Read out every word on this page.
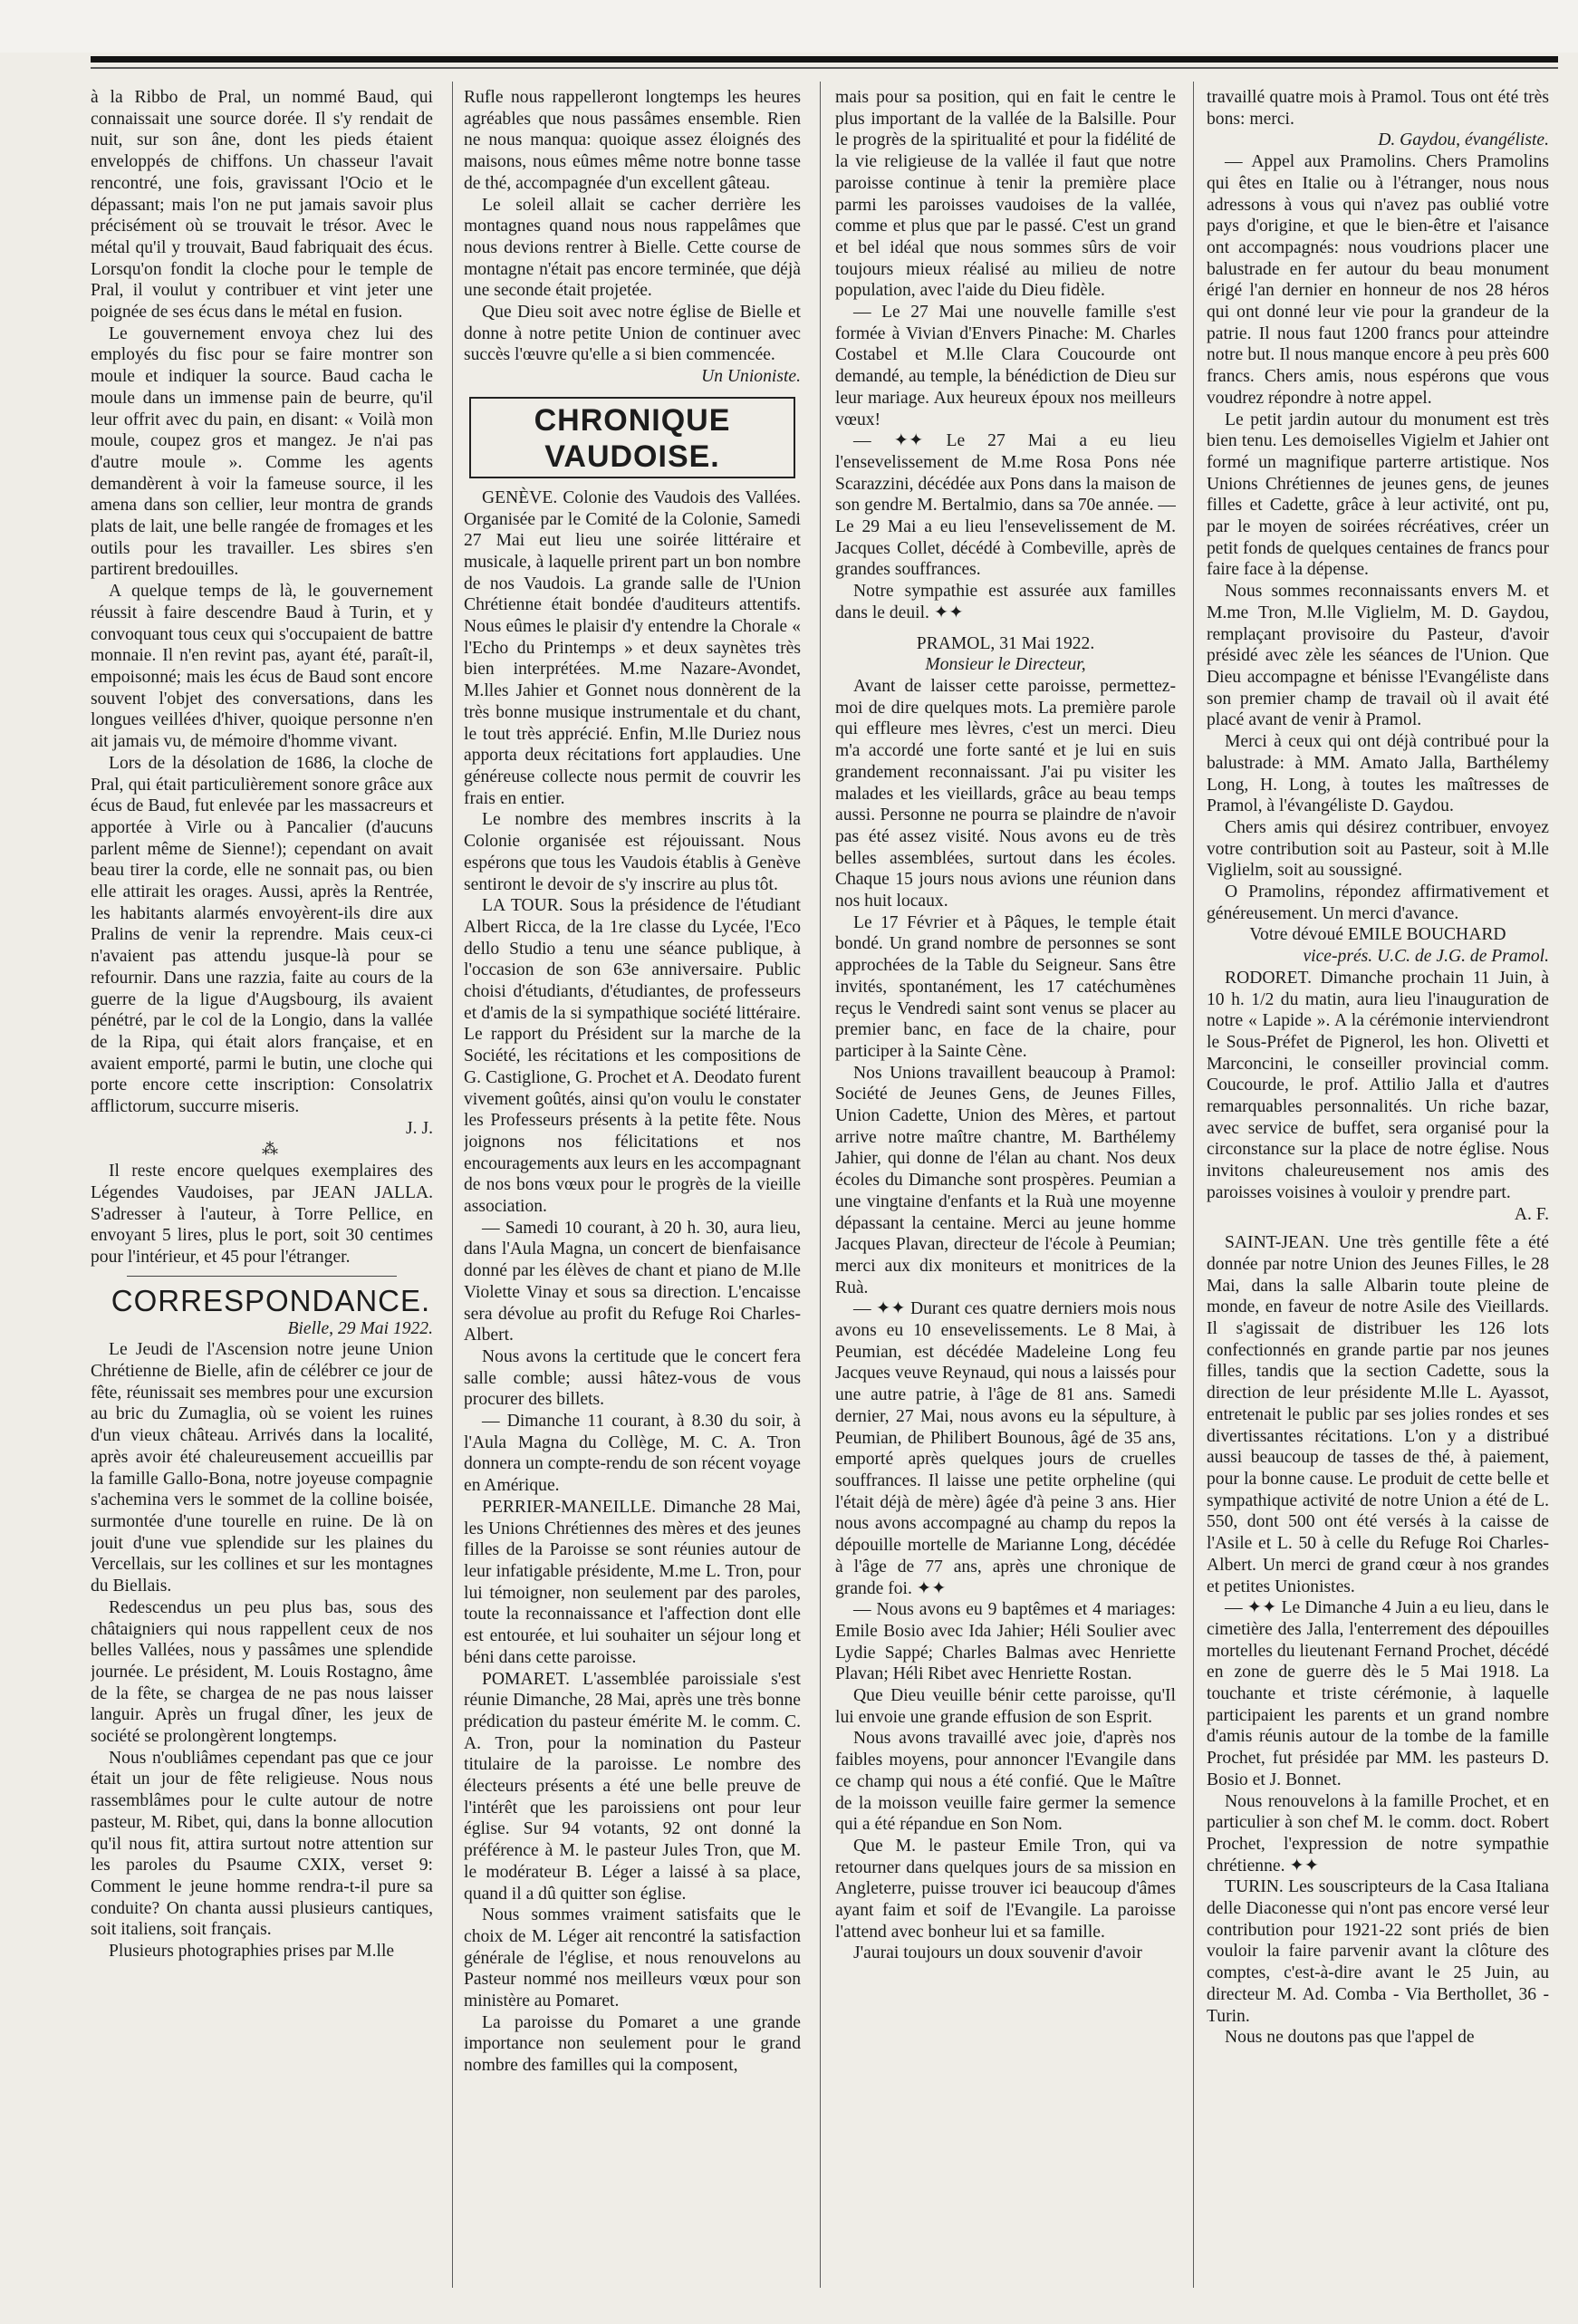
à la Ribbo de Pral, un nommé Baud, qui connaissait une source dorée. Il s'y rendait de nuit, sur son âne, dont les pieds étaient enveloppés de chiffons. Un chasseur l'avait rencontré, une fois, gravissant l'Ocio et le dépassant; mais l'on ne put jamais savoir plus précisément où se trouvait le trésor. Avec le métal qu'il y trouvait, Baud fabriquait des écus. Lorsqu'on fondit la cloche pour le temple de Pral, il voulut y contribuer et vint jeter une poignée de ses écus dans le métal en fusion.

Le gouvernement envoya chez lui des employés du fisc pour se faire montrer son moule et indiquer la source. Baud cacha le moule dans un immense pain de beurre, qu'il leur offrit avec du pain, en disant: « Voilà mon moule, coupez gros et mangez. Je n'ai pas d'autre moule ». Comme les agents demandèrent à voir la fameuse source, il les amena dans son cellier, leur montra de grands plats de lait, une belle rangée de fromages et les outils pour les travailler. Les sbires s'en partirent bredouilles.

A quelque temps de là, le gouvernement réussit à faire descendre Baud à Turin, et y convoquant tous ceux qui s'occupaient de battre monnaie. Il n'en revint pas, ayant été, paraît-il, empoisonné; mais les écus de Baud sont encore souvent l'objet des conversations, dans les longues veillées d'hiver, quoique personne n'en ait jamais vu, de mémoire d'homme vivant.

Lors de la désolation de 1686, la cloche de Pral, qui était particulièrement sonore grâce aux écus de Baud, fut enlevée par les massacreurs et apportée à Virle ou à Pancalier (d'aucuns parlent même de Sienne!); cependant on avait beau tirer la corde, elle ne sonnait pas, ou bien elle attirait les orages. Aussi, après la Rentrée, les habitants alarmés envoyèrent-ils dire aux Pralins de venir la reprendre. Mais ceux-ci n'avaient pas attendu jusque-là pour se refournir. Dans une razzia, faite au cours de la guerre de la ligue d'Augsbourg, ils avaient pénétré, par le col de la Longio, dans la vallée de la Ripa, qui était alors française, et en avaient emporté, parmi le butin, une cloche qui porte encore cette inscription: Consolatrix afflictorum, succurre miseris.

J. J.

⁂

Il reste encore quelques exemplaires des Légendes Vaudoises, par JEAN JALLA. S'adresser à l'auteur, à Torre Pellice, en envoyant 5 lires, plus le port, soit 30 centimes pour l'intérieur, et 45 pour l'étranger.

CORRESPONDANCE.

Bielle, 29 Mai 1922.

Le Jeudi de l'Ascension notre jeune Union Chrétienne de Bielle, afin de célébrer ce jour de fête, réunissait ses membres pour une excursion au bric du Zumaglia, où se voient les ruines d'un vieux château. Arrivés dans la localité, après avoir été chaleureusement accueillis par la famille Gallo-Bona, notre joyeuse compagnie s'achemina vers le sommet de la colline boisée, surmontée d'une tourelle en ruine. De là on jouit d'une vue splendide sur les plaines du Vercellais, sur les collines et sur les montagnes du Biellais.

Redescendus un peu plus bas, sous des châtaigniers qui nous rappellent ceux de nos belles Vallées, nous y passâmes une splendide journée. Le président, M. Louis Rostagno, âme de la fête, se chargea de ne pas nous laisser languir. Après un frugal dîner, les jeux de société se prolongèrent longtemps.

Nous n'oubliâmes cependant pas que ce jour était un jour de fête religieuse. Nous nous rassemblâmes pour le culte autour de notre pasteur, M. Ribet, qui, dans la bonne allocution qu'il nous fit, attira surtout notre attention sur les paroles du Psaume CXIX, verset 9: Comment le jeune homme rendra-t-il pure sa conduite? On chanta aussi plusieurs cantiques, soit italiens, soit français.

Plusieurs photographies prises par M.lle

Rufle nous rappelleront longtemps les heures agréables que nous passâmes ensemble. Rien ne nous manqua: quoique assez éloignés des maisons, nous eûmes même notre bonne tasse de thé, accompagnée d'un excellent gâteau.

Le soleil allait se cacher derrière les montagnes quand nous nous rappelâmes que nous devions rentrer à Bielle. Cette course de montagne n'était pas encore terminée, que déjà une seconde était projetée.

Que Dieu soit avec notre église de Bielle et donne à notre petite Union de continuer avec succès l'œuvre qu'elle a si bien commencée.

Un Unioniste.

CHRONIQUE VAUDOISE.

GENÈVE. Colonie des Vaudois des Vallées. Organisée par le Comité de la Colonie, Samedi 27 Mai eut lieu une soirée littéraire et musicale, à laquelle prirent part un bon nombre de nos Vaudois. La grande salle de l'Union Chrétienne était bondée d'auditeurs attentifs. Nous eûmes le plaisir d'y entendre la Chorale « l'Echo du Printemps » et deux saynètes très bien interprétées. M.me Nazare-Avondet, M.lles Jahier et Gonnet nous donnèrent de la très bonne musique instrumentale et du chant, le tout très apprécié. Enfin, M.lle Duriez nous apporta deux récitations fort applaudies. Une généreuse collecte nous permit de couvrir les frais en entier.

Le nombre des membres inscrits à la Colonie organisée est réjouissant. Nous espérons que tous les Vaudois établis à Genève sentiront le devoir de s'y inscrire au plus tôt.

LA TOUR. Sous la présidence de l'étudiant Albert Ricca, de la 1re classe du Lycée, l'Eco dello Studio a tenu une séance publique, à l'occasion de son 63e anniversaire. Public choisi d'étudiants, d'étudiantes, de professeurs et d'amis de la si sympathique société littéraire. Le rapport du Président sur la marche de la Société, les récitations et les compositions de G. Castiglione, G. Prochet et A. Deodato furent vivement goûtés, ainsi qu'on voulu le constater les Professeurs présents à la petite fête. Nous joignons nos félicitations et nos encouragements aux leurs en les accompagnant de nos bons vœux pour le progrès de la vieille association.

— Samedi 10 courant, à 20 h. 30, aura lieu, dans l'Aula Magna, un concert de bienfaisance donné par les élèves de chant et piano de M.lle Violette Vinay et sous sa direction. L'encaisse sera dévolue au profit du Refuge Roi Charles-Albert.

Nous avons la certitude que le concert fera salle comble; aussi hâtez-vous de vous procurer des billets.

— Dimanche 11 courant, à 8.30 du soir, à l'Aula Magna du Collège, M. C. A. Tron donnera un compte-rendu de son récent voyage en Amérique.

PERRIER-MANEILLE. Dimanche 28 Mai, les Unions Chrétiennes des mères et des jeunes filles de la Paroisse se sont réunies autour de leur infatigable présidente, M.me L. Tron, pour lui témoigner, non seulement par des paroles, toute la reconnaissance et l'affection dont elle est entourée, et lui souhaiter un séjour long et béni dans cette paroisse.

POMARET. L'assemblée paroissiale s'est réunie Dimanche, 28 Mai, après une très bonne prédication du pasteur émérite M. le comm. C. A. Tron, pour la nomination du Pasteur titulaire de la paroisse. Le nombre des électeurs présents a été une belle preuve de l'intérêt que les paroissiens ont pour leur église. Sur 94 votants, 92 ont donné la préférence à M. le pasteur Jules Tron, que M. le modérateur B. Léger a laissé à sa place, quand il a dû quitter son église.

Nous sommes vraiment satisfaits que le choix de M. Léger ait rencontré la satisfaction générale de l'église, et nous renouvelons au Pasteur nommé nos meilleurs vœux pour son ministère au Pomaret.

La paroisse du Pomaret a une grande importance non seulement pour le grand nombre des familles qui la composent,

mais pour sa position, qui en fait le centre le plus important de la vallée de la Balsille. Pour le progrès de la spiritualité et pour la fidélité de la vie religieuse de la vallée il faut que notre paroisse continue à tenir la première place parmi les paroisses vaudoises de la vallée, comme et plus que par le passé. C'est un grand et bel idéal que nous sommes sûrs de voir toujours mieux réalisé au milieu de notre population, avec l'aide du Dieu fidèle.

— Le 27 Mai une nouvelle famille s'est formée à Vivian d'Envers Pinache: M. Charles Costabel et M.lle Clara Coucourde ont demandé, au temple, la bénédiction de Dieu sur leur mariage. Aux heureux époux nos meilleurs vœux!

— ✦✦ Le 27 Mai a eu lieu l'ensevelissement de M.me Rosa Pons née Scarazzini, décédée aux Pons dans la maison de son gendre M. Bertalmio, dans sa 70e année. — Le 29 Mai a eu lieu l'ensevelissement de M. Jacques Collet, décédé à Combeville, après de grandes souffrances.

Notre sympathie est assurée aux familles dans le deuil. ✦✦

PRAMOL, 31 Mai 1922.

Monsieur le Directeur,

Avant de laisser cette paroisse, permettez-moi de dire quelques mots. La première parole qui effleure mes lèvres, c'est un merci. Dieu m'a accordé une forte santé et je lui en suis grandement reconnaissant. J'ai pu visiter les malades et les vieillards, grâce au beau temps aussi. Personne ne pourra se plaindre de n'avoir pas été assez visité. Nous avons eu de très belles assemblées, surtout dans les écoles. Chaque 15 jours nous avions une réunion dans nos huit locaux.

Le 17 Février et à Pâques, le temple était bondé. Un grand nombre de personnes se sont approchées de la Table du Seigneur. Sans être invités, spontanément, les 17 catéchumènes reçus le Vendredi saint sont venus se placer au premier banc, en face de la chaire, pour participer à la Sainte Cène.

Nos Unions travaillent beaucoup à Pramol: Société de Jeunes Gens, de Jeunes Filles, Union Cadette, Union des Mères, et partout arrive notre maître chantre, M. Barthélemy Jahier, qui donne de l'élan au chant. Nos deux écoles du Dimanche sont prospères. Peumian a une vingtaine d'enfants et la Ruà une moyenne dépassant la centaine. Merci au jeune homme Jacques Plavan, directeur de l'école à Peumian; merci aux dix moniteurs et monitrices de la Ruà.

— ✦✦ Durant ces quatre derniers mois nous avons eu 10 ensevelissements. Le 8 Mai, à Peumian, est décédée Madeleine Long feu Jacques veuve Reynaud, qui nous a laissés pour une autre patrie, à l'âge de 81 ans. Samedi dernier, 27 Mai, nous avons eu la sépulture, à Peumian, de Philibert Bounous, âgé de 35 ans, emporté après quelques jours de cruelles souffrances. Il laisse une petite orpheline (qui l'était déjà de mère) âgée d'à peine 3 ans. Hier nous avons accompagné au champ du repos la dépouille mortelle de Marianne Long, décédée à l'âge de 77 ans, après une chronique de grande foi. ✦✦

— Nous avons eu 9 baptêmes et 4 mariages: Emile Bosio avec Ida Jahier; Héli Soulier avec Lydie Sappé; Charles Balmas avec Henriette Plavan; Héli Ribet avec Henriette Rostan.

Que Dieu veuille bénir cette paroisse, qu'Il lui envoie une grande effusion de son Esprit.

Nous avons travaillé avec joie, d'après nos faibles moyens, pour annoncer l'Evangile dans ce champ qui nous a été confié. Que le Maître de la moisson veuille faire germer la semence qui a été répandue en Son Nom.

Que M. le pasteur Emile Tron, qui va retourner dans quelques jours de sa mission en Angleterre, puisse trouver ici beaucoup d'âmes ayant faim et soif de l'Evangile. La paroisse l'attend avec bonheur lui et sa famille.

J'aurai toujours un doux souvenir d'avoir

travaillé quatre mois à Pramol. Tous ont été très bons: merci.

D. Gaydou, évangéliste.

— Appel aux Pramolins. Chers Pramolins qui êtes en Italie ou à l'étranger, nous nous adressons à vous qui n'avez pas oublié votre pays d'origine, et que le bien-être et l'aisance ont accompagnés: nous voudrions placer une balustrade en fer autour du beau monument érigé l'an dernier en honneur de nos 28 héros qui ont donné leur vie pour la grandeur de la patrie. Il nous faut 1200 francs pour atteindre notre but. Il nous manque encore à peu près 600 francs. Chers amis, nous espérons que vous voudrez répondre à notre appel.

Le petit jardin autour du monument est très bien tenu. Les demoiselles Vigielm et Jahier ont formé un magnifique parterre artistique. Nos Unions Chrétiennes de jeunes gens, de jeunes filles et Cadette, grâce à leur activité, ont pu, par le moyen de soirées récréatives, créer un petit fonds de quelques centaines de francs pour faire face à la dépense.

Nous sommes reconnaissants envers M. et M.me Tron, M.lle Viglielm, M. D. Gaydou, remplaçant provisoire du Pasteur, d'avoir présidé avec zèle les séances de l'Union. Que Dieu accompagne et bénisse l'Evangéliste dans son premier champ de travail où il avait été placé avant de venir à Pramol.

Merci à ceux qui ont déjà contribué pour la balustrade: à MM. Amato Jalla, Barthélemy Long, H. Long, à toutes les maîtresses de Pramol, à l'évangéliste D. Gaydou.

Chers amis qui désirez contribuer, envoyez votre contribution soit au Pasteur, soit à M.lle Viglielm, soit au soussigné.

O Pramolins, répondez affirmativement et généreusement. Un merci d'avance.

Votre dévoué EMILE BOUCHARD

vice-prés. U.C. de J.G. de Pramol.

RODORET. Dimanche prochain 11 Juin, à 10 h. 1/2 du matin, aura lieu l'inauguration de notre « Lapide ». A la cérémonie interviendront le Sous-Préfet de Pignerol, les hon. Olivetti et Marconcini, le conseiller provincial comm. Coucourde, le prof. Attilio Jalla et d'autres remarquables personnalités. Un riche bazar, avec service de buffet, sera organisé pour la circonstance sur la place de notre église. Nous invitons chaleureusement nos amis des paroisses voisines à vouloir y prendre part.

A. F.

SAINT-JEAN. Une très gentille fête a été donnée par notre Union des Jeunes Filles, le 28 Mai, dans la salle Albarin toute pleine de monde, en faveur de notre Asile des Vieillards. Il s'agissait de distribuer les 126 lots confectionnés en grande partie par nos jeunes filles, tandis que la section Cadette, sous la direction de leur présidente M.lle L. Ayassot, entretenait le public par ses jolies rondes et ses divertissantes récitations. L'on y a distribué aussi beaucoup de tasses de thé, à paiement, pour la bonne cause. Le produit de cette belle et sympathique activité de notre Union a été de L. 550, dont 500 ont été versés à la caisse de l'Asile et L. 50 à celle du Refuge Roi Charles-Albert. Un merci de grand cœur à nos grandes et petites Unionistes.

— ✦✦ Le Dimanche 4 Juin a eu lieu, dans le cimetière des Jalla, l'enterrement des dépouilles mortelles du lieutenant Fernand Prochet, décédé en zone de guerre dès le 5 Mai 1918. La touchante et triste cérémonie, à laquelle participaient les parents et un grand nombre d'amis réunis autour de la tombe de la famille Prochet, fut présidée par MM. les pasteurs D. Bosio et J. Bonnet.

Nous renouvelons à la famille Prochet, et en particulier à son chef M. le comm. doct. Robert Prochet, l'expression de notre sympathie chrétienne. ✦✦

TURIN. Les souscripteurs de la Casa Italiana delle Diaconesse qui n'ont pas encore versé leur contribution pour 1921-22 sont priés de bien vouloir la faire parvenir avant la clôture des comptes, c'est-à-dire avant le 25 Juin, au directeur M. Ad. Comba - Via Berthollet, 36 - Turin.

Nous ne doutons pas que l'appel de
